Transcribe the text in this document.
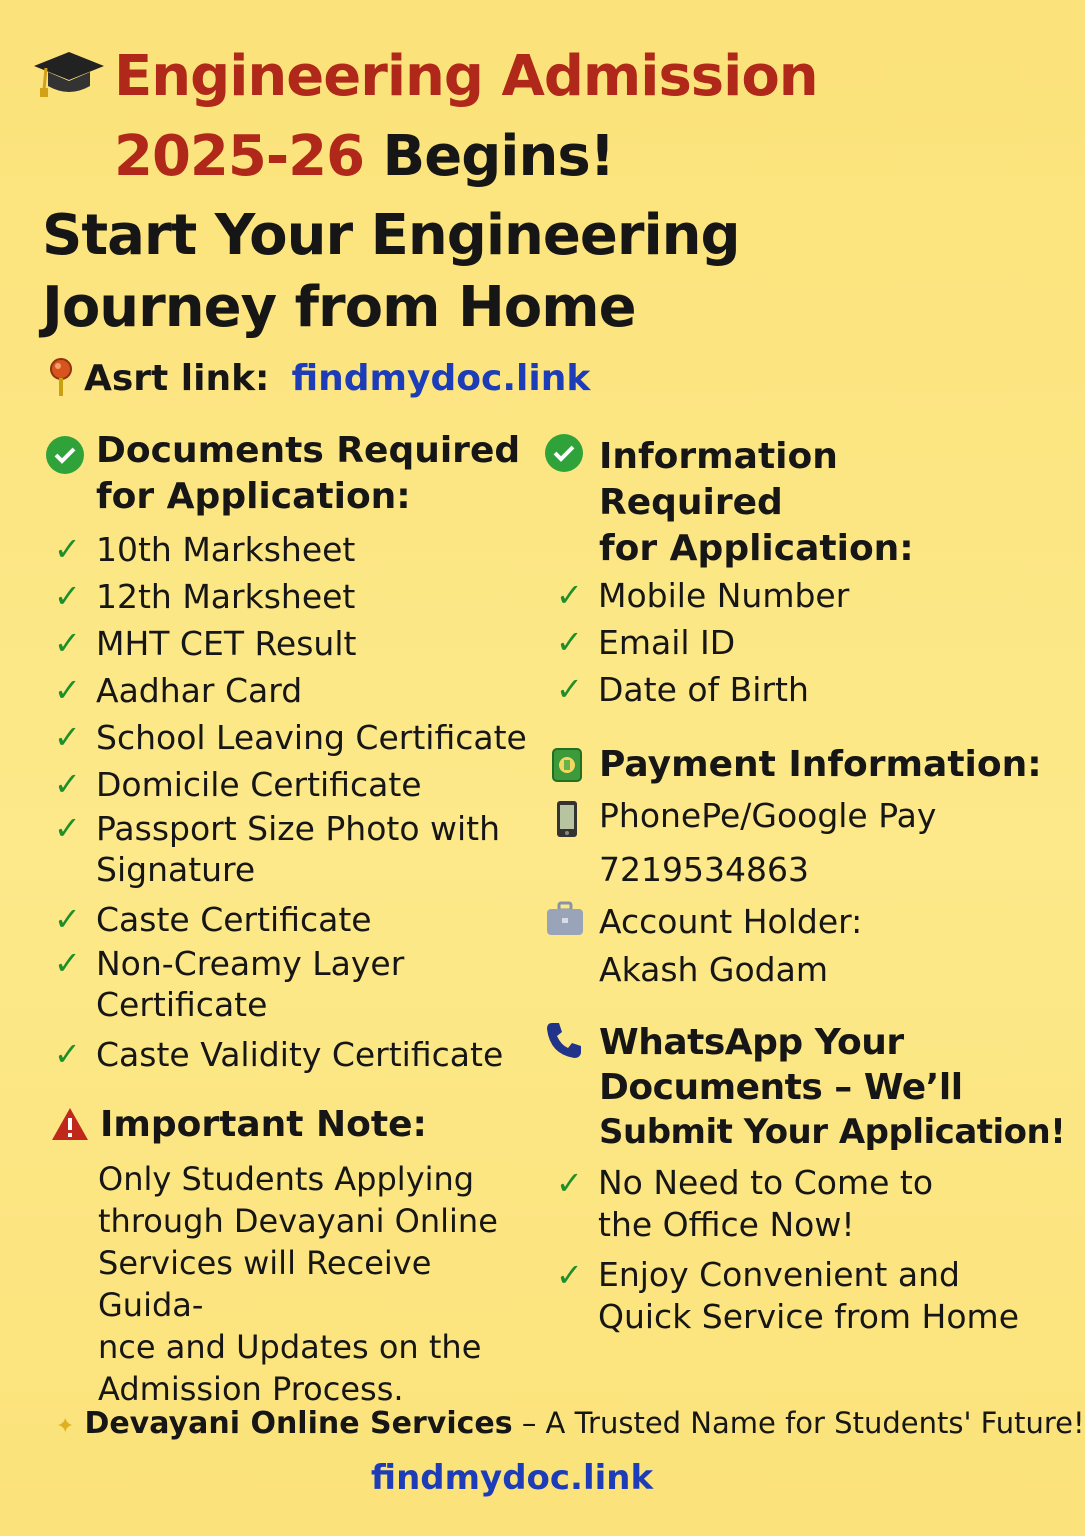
Engineering Admission
2025-26 Begins!
Start Your Engineering Journey from Home
Asrt link: findmydoc.link
Documents Required
for Application:
✓ 10th Marksheet
✓ 12th Marksheet
✓ MHT CET Result
✓ Aadhar Card
✓ School Leaving Certificate
✓ Domicile Certificate
✓ Passport Size Photo with
Signature
✓ Caste Certificate
✓ Non-Creamy Layer
Certificate
✓ Caste Validity Certificate
Information
Required
for Application:
✓ Mobile Number
✓ Email ID
✓ Date of Birth
Payment Information:
PhonePe/Google Pay
7219534863
Account Holder:
Akash Godam
WhatsApp Your
Documents – We’ll
Submit Your Application!
✓ No Need to Come to
the Office Now!
✓ Enjoy Convenient and
Quick Service from Home
Important Note:
Only Students Applying
through Devayani Online
Services will Receive Guida-
nce and Updates on the
Admission Process.
✦ Devayani Online Services – A Trusted Name for Students' Future!
findmydoc.link
